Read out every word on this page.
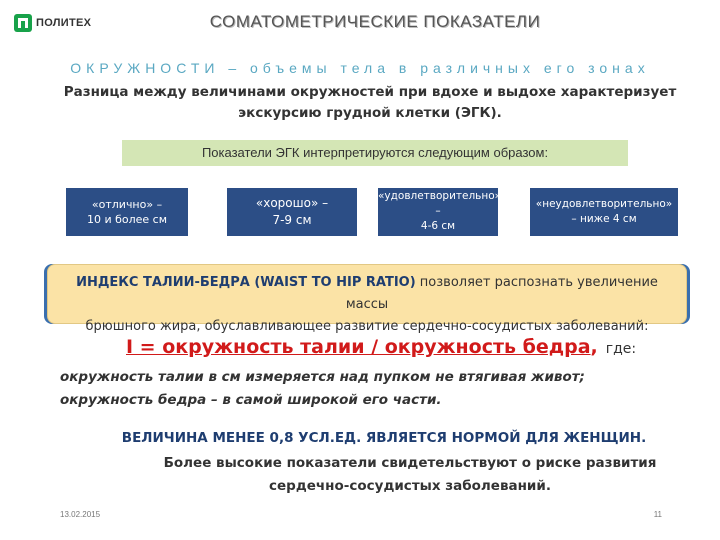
ПОЛИТЕХ	СОМАТОМЕТРИЧЕСКИЕ ПОКАЗАТЕЛИ
ОКРУЖНОСТИ – объемы тела в различных его зонах
Разница между величинами окружностей при вдохе и выдохе характеризует
экскурсию грудной клетки (ЭГК).
Показатели ЭГК интерпретируются следующим образом:
«отлично» –
10 и более см
«хорошо» –
7-9 см
«удовлетворительно»
–
4-6 см
«неудовлетворительно»
– ниже 4 см
ИНДЕКС ТАЛИИ-БЕДРА (WAIST TO HIP RATIO) позволяет распознать увеличение массы
брюшного жира, обуславливающее развитие сердечно-сосудистых заболеваний:
I = окружность талии / окружность бедра, где:
окружность талии в см измеряется над пупком не втягивая живот;
окружность бедра – в самой широкой его части.
ВЕЛИЧИНА МЕНЕЕ 0,8 УСЛ.ЕД. ЯВЛЯЕТСЯ НОРМОЙ ДЛЯ ЖЕНЩИН.
Более высокие показатели свидетельствуют о риске развития
сердечно-сосудистых заболеваний.
13.02.2015	11
